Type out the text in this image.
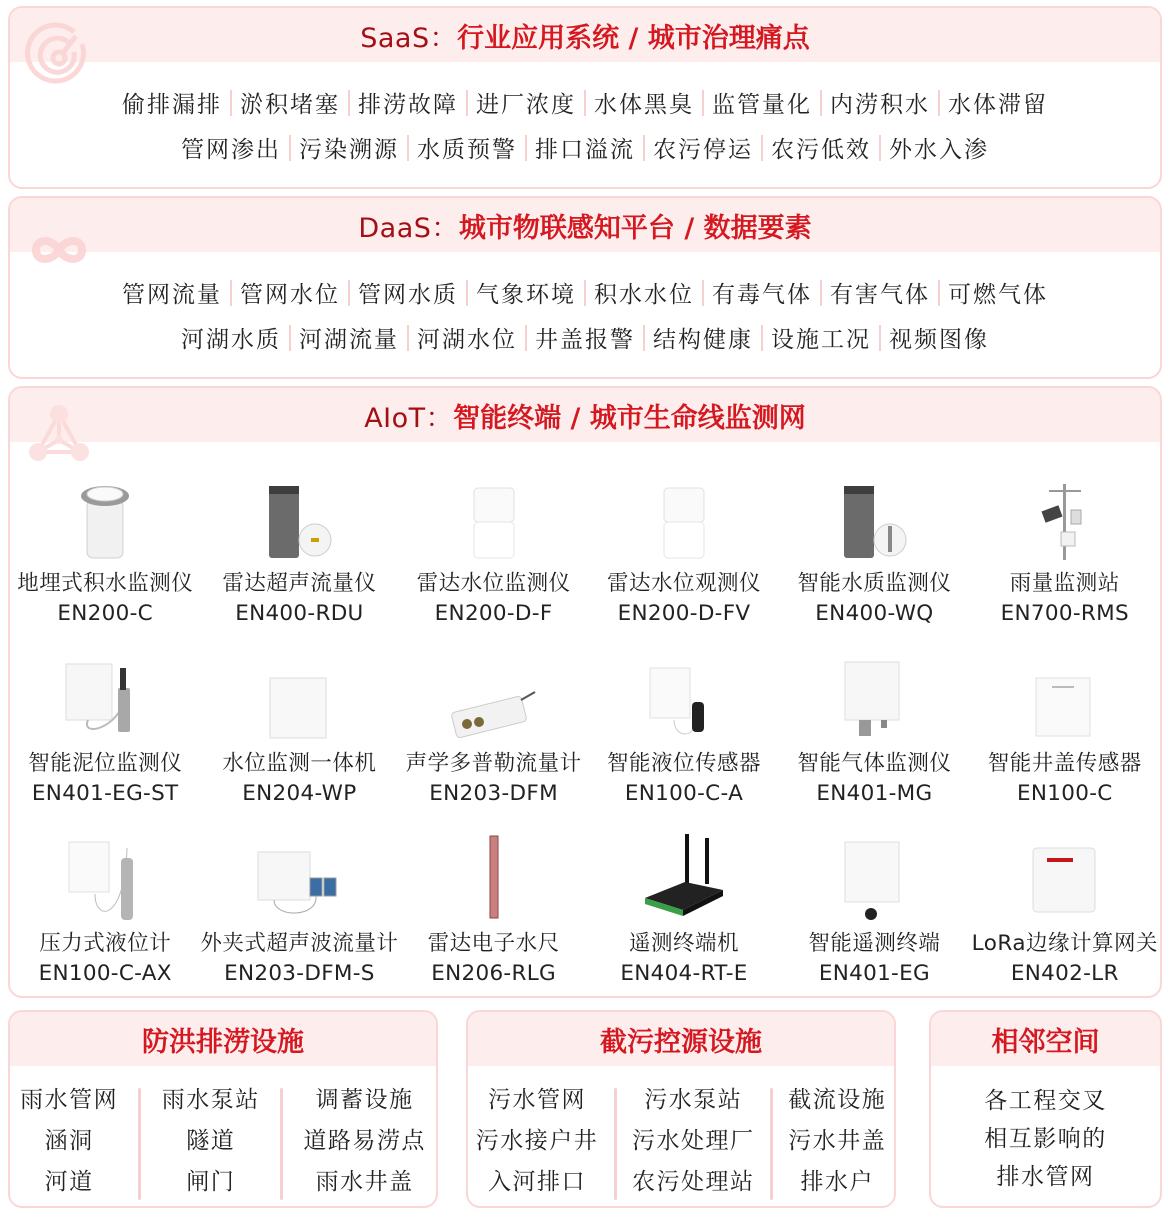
SaaS： 行业应用系统 / 城市治理痛点
偷排漏排 淤积堵塞 排涝故障 进厂浓度 水体黑臭 监管量化 内涝积水 水体滞留
管网渗出 污染溯源 水质预警 排口溢流 农污停运 农污低效 外水入渗
DaaS： 城市物联感知平台 / 数据要素
管网流量 管网水位 管网水质 气象环境 积水水位 有毒气体 有害气体 可燃气体
河湖水质 河湖流量 河湖水位 井盖报警 结构健康 设施工况 视频图像
AIoT： 智能终端 / 城市生命线监测网
地埋式积水监测仪
EN200-C
雷达超声流量仪
EN400-RDU
雷达水位监测仪
EN200-D-F
雷达水位观测仪
EN200-D-FV
智能水质监测仪
EN400-WQ
雨量监测站
EN700-RMS
智能泥位监测仪
EN401-EG-ST
水位监测一体机
EN204-WP
声学多普勒流量计
EN203-DFM
智能液位传感器
EN100-C-A
智能气体监测仪
EN401-MG
智能井盖传感器
EN100-C
压力式液位计
EN100-C-AX
外夹式超声波流量计
EN203-DFM-S
雷达电子水尺
EN206-RLG
遥测终端机
EN404-RT-E
智能遥测终端
EN401-EG
LoRa边缘计算网关
EN402-LR
防洪排涝设施
雨水管网
涵洞
河道
雨水泵站
隧道
闸门
调蓄设施
道路易涝点
雨水井盖
截污控源设施
污水管网
污水接户井
入河排口
污水泵站
污水处理厂
农污处理站
截流设施
污水井盖
排水户
相邻空间
各工程交叉
相互影响的
排水管网
